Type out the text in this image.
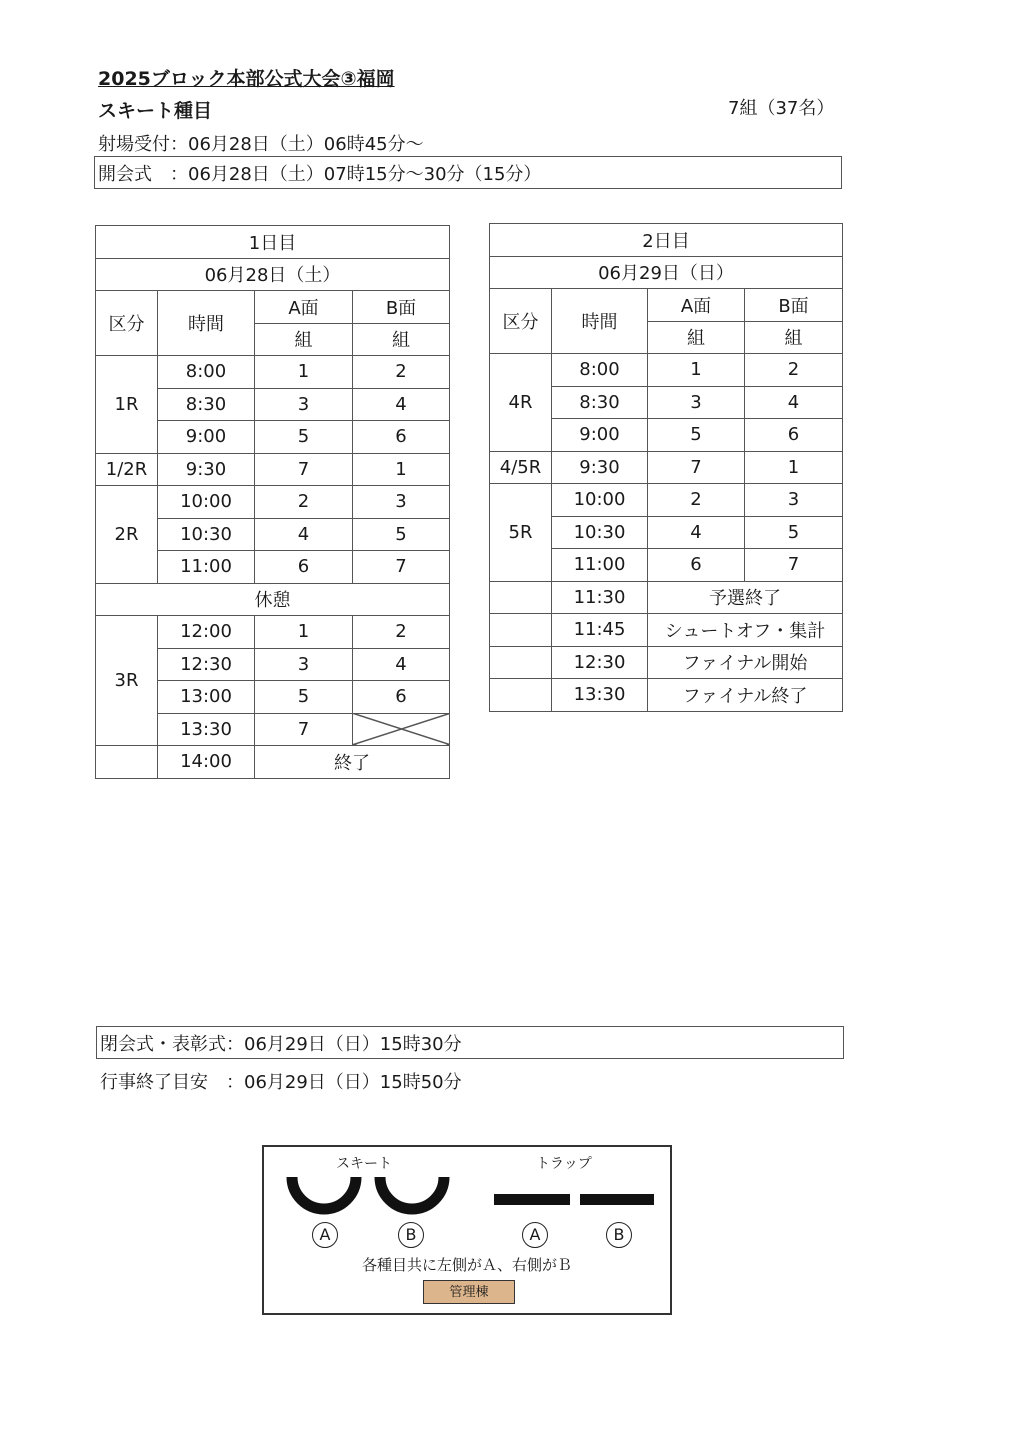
2025ブロック本部公式大会③福岡
スキート種目	7組（37名）
射場受付：06月28日（土）06時45分～
開会式　：06月28日（土）07時15分～30分（15分）
1日目			
06月28日（土）			
区分	時間	A面	B面
		組	組
1R	8:00	1	2
	8:30	3	4
	9:00	5	6
1/2R	9:30	7	1
2R	10:00	2	3
	10:30	4	5
	11:00	6	7
休憩			
3R	12:00	1	2
	12:30	3	4
	13:00	5	6
	13:30	7	
	14:00	終了	
2日目			
06月29日（日）			
区分	時間	A面	B面
		組	組
4R	8:00	1	2
	8:30	3	4
	9:00	5	6
4/5R	9:30	7	1
5R	10:00	2	3
	10:30	4	5
	11:00	6	7
	11:30	予選終了	
	11:45	シュートオフ・集計	
	12:30	ファイナル開始	
	13:30	ファイナル終了	
閉会式・表彰式：06月29日（日）15時30分
行事終了目安　：06月29日（日）15時50分
スキート	トラップ
A	B	A	B
各種目共に左側がＡ、右側がＢ
管理棟
